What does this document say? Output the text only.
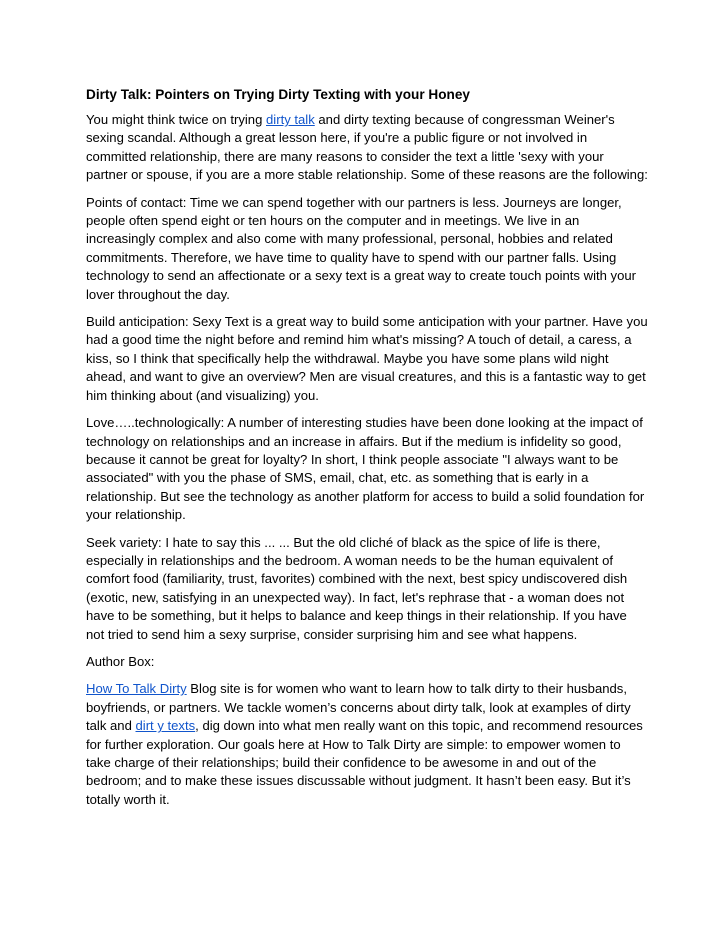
Dirty Talk: Pointers on Trying Dirty Texting with your Honey

You might think twice on trying dirty talk and dirty texting because of congressman Weiner's sexing scandal. Although a great lesson here, if you're a public figure or not involved in committed relationship, there are many reasons to consider the text a little 'sexy with your partner or spouse, if you are a more stable relationship. Some of these reasons are the following:

Points of contact: Time we can spend together with our partners is less. Journeys are longer, people often spend eight or ten hours on the computer and in meetings. We live in an increasingly complex and also come with many professional, personal, hobbies and related commitments. Therefore, we have time to quality have to spend with our partner falls. Using technology to send an affectionate or a sexy text is a great way to create touch points with your lover throughout the day.

Build anticipation: Sexy Text is a great way to build some anticipation with your partner. Have you had a good time the night before and remind him what's missing? A touch of detail, a caress, a kiss, so I think that specifically help the withdrawal. Maybe you have some plans wild night ahead, and want to give an overview? Men are visual creatures, and this is a fantastic way to get him thinking about (and visualizing) you.

Love…..technologically: A number of interesting studies have been done looking at the impact of technology on relationships and an increase in affairs. But if the medium is infidelity so good, because it cannot be great for loyalty? In short, I think people associate "I always want to be associated" with you the phase of SMS, email, chat, etc. as something that is early in a relationship. But see the technology as another platform for access to build a solid foundation for your relationship.

Seek variety: I hate to say this ... ... But the old cliché of black as the spice of life is there, especially in relationships and the bedroom. A woman needs to be the human equivalent of comfort food (familiarity, trust, favorites) combined with the next, best spicy undiscovered dish (exotic, new, satisfying in an unexpected way). In fact, let's rephrase that - a woman does not have to be something, but it helps to balance and keep things in their relationship. If you have not tried to send him a sexy surprise, consider surprising him and see what happens.

Author Box:

How To Talk Dirty Blog site is for women who want to learn how to talk dirty to their husbands, boyfriends, or partners. We tackle women’s concerns about dirty talk, look at examples of dirty talk and dirt y texts, dig down into what men really want on this topic, and recommend resources for further exploration. Our goals here at How to Talk Dirty are simple: to empower women to take charge of their relationships; build their confidence to be awesome in and out of the bedroom; and to make these issues discussable without judgment. It hasn’t been easy. But it’s totally worth it.
